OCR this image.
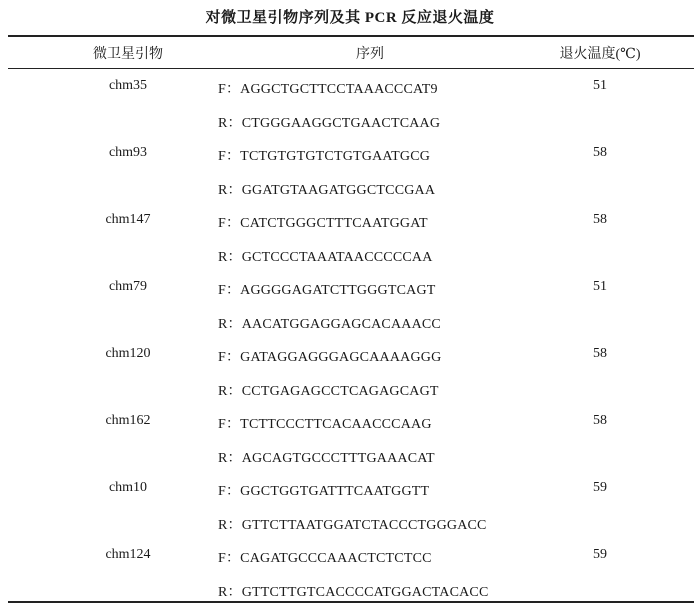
对微卫星引物序列及其 PCR 反应退火温度
微卫星引物	序列	退火温度(℃)
chm35	F：AGGCTGCTTCCTAAACCCAT9
R：CTGGGAAGGCTGAACTCAAG
51
chm93	F：TCTGTGTGTCTGTGAATGCG
R：GGATGTAAGATGGCTCCGAA
58
chm147	F：CATCTGGGCTTTCAATGGAT
R：GCTCCCTAAATAACCCCCAA
58
chm79	F：AGGGGAGATCTTGGGTCAGT
R：AACATGGAGGAGCACAAACC
51
chm120	F：GATAGGAGGGAGCAAAAGGG
R：CCTGAGAGCCTCAGAGCAGT
58
chm162	F：TCTTCCCTTCACAACCCAAG
R：AGCAGTGCCCTTTGAAACAT
58
chm10	F：GGCTGGTGATTTCAATGGTT
R：GTTCTTAATGGATCTACCCTGGGACC
59
chm124	F：CAGATGCCCAAACTCTCTCC
R：GTTCTTGTCACCCCATGGACTACACC
59
